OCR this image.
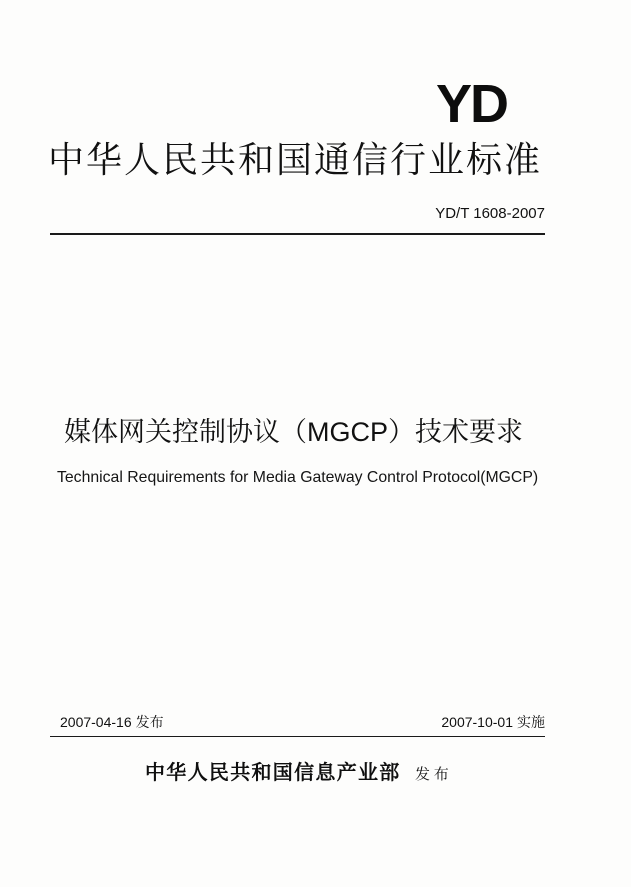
YD
中华人民共和国通信行业标准
YD/T 1608-2007
媒体网关控制协议（MGCP）技术要求
Technical Requirements for Media Gateway Control Protocol(MGCP)
2007-04-16 发布	2007-10-01 实施
中华人民共和国信息产业部 发 布
